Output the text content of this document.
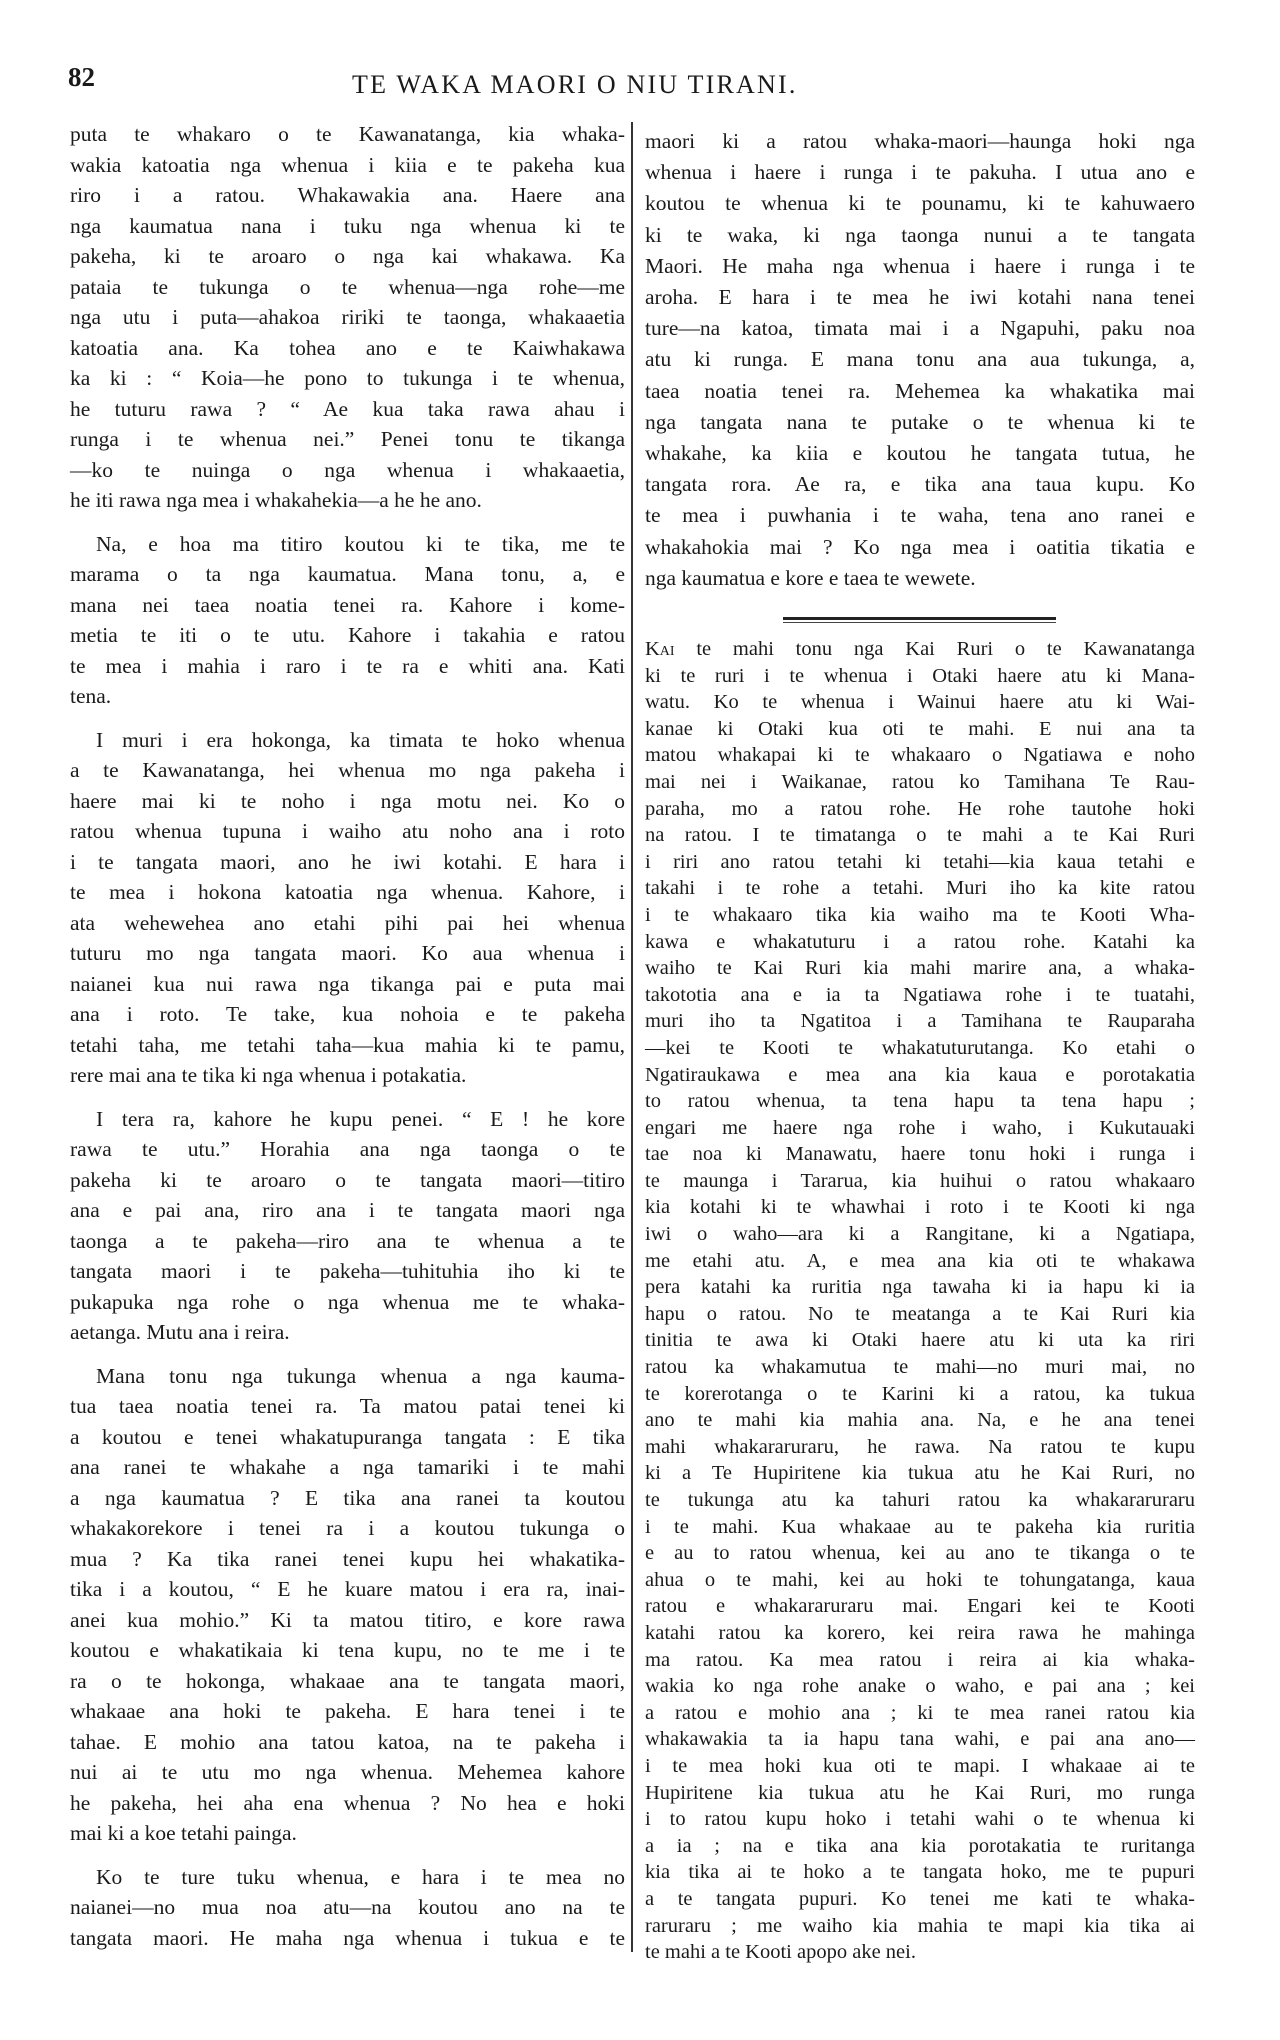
82	TE WAKA MAORI O NIU TIRANI.
puta te whakaro o te Kawanatanga, kia whaka-
wakia katoatia nga whenua i kiia e te pakeha kua
riro i a ratou. Whakawakia ana. Haere ana
nga kaumatua nana i tuku nga whenua ki te
pakeha, ki te aroaro o nga kai whakawa. Ka
pataia te tukunga o te whenua—nga rohe—me
nga utu i puta—ahakoa ririki te taonga, whakaaetia
katoatia ana. Ka tohea ano e te Kaiwhakawa
ka ki : “ Koia—he pono to tukunga i te whenua,
he tuturu rawa ? “ Ae kua taka rawa ahau i
runga i te whenua nei.” Penei tonu te tikanga
—ko te nuinga o nga whenua i whakaaetia,
he iti rawa nga mea i whakahekia—a he he ano.
Na, e hoa ma titiro koutou ki te tika, me te
marama o ta nga kaumatua. Mana tonu, a, e
mana nei taea noatia tenei ra. Kahore i kome-
metia te iti o te utu. Kahore i takahia e ratou
te mea i mahia i raro i te ra e whiti ana. Kati
tena.
I muri i era hokonga, ka timata te hoko whenua
a te Kawanatanga, hei whenua mo nga pakeha i
haere mai ki te noho i nga motu nei. Ko o
ratou whenua tupuna i waiho atu noho ana i roto
i te tangata maori, ano he iwi kotahi. E hara i
te mea i hokona katoatia nga whenua. Kahore, i
ata wehewehea ano etahi pihi pai hei whenua
tuturu mo nga tangata maori. Ko aua whenua i
naianei kua nui rawa nga tikanga pai e puta mai
ana i roto. Te take, kua nohoia e te pakeha
tetahi taha, me tetahi taha—kua mahia ki te pamu,
rere mai ana te tika ki nga whenua i potakatia.
I tera ra, kahore he kupu penei. “ E ! he kore
rawa te utu.” Horahia ana nga taonga o te
pakeha ki te aroaro o te tangata maori—titiro
ana e pai ana, riro ana i te tangata maori nga
taonga a te pakeha—riro ana te whenua a te
tangata maori i te pakeha—tuhituhia iho ki te
pukapuka nga rohe o nga whenua me te whaka-
aetanga. Mutu ana i reira.
Mana tonu nga tukunga whenua a nga kauma-
tua taea noatia tenei ra. Ta matou patai tenei ki
a koutou e tenei whakatupuranga tangata : E tika
ana ranei te whakahe a nga tamariki i te mahi
a nga kaumatua ? E tika ana ranei ta koutou
whakakorekore i tenei ra i a koutou tukunga o
mua ? Ka tika ranei tenei kupu hei whakatika-
tika i a koutou, “ E he kuare matou i era ra, inai-
anei kua mohio.” Ki ta matou titiro, e kore rawa
koutou e whakatikaia ki tena kupu, no te me i te
ra o te hokonga, whakaae ana te tangata maori,
whakaae ana hoki te pakeha. E hara tenei i te
tahae. E mohio ana tatou katoa, na te pakeha i
nui ai te utu mo nga whenua. Mehemea kahore
he pakeha, hei aha ena whenua ? No hea e hoki
mai ki a koe tetahi painga.
Ko te ture tuku whenua, e hara i te mea no
naianei—no mua noa atu—na koutou ano na te
tangata maori. He maha nga whenua i tukua e te
maori ki a ratou whaka-maori—haunga hoki nga
whenua i haere i runga i te pakuha. I utua ano e
koutou te whenua ki te pounamu, ki te kahuwaero
ki te waka, ki nga taonga nunui a te tangata
Maori. He maha nga whenua i haere i runga i te
aroha. E hara i te mea he iwi kotahi nana tenei
ture—na katoa, timata mai i a Ngapuhi, paku noa
atu ki runga. E mana tonu ana aua tukunga, a,
taea noatia tenei ra. Mehemea ka whakatika mai
nga tangata nana te putake o te whenua ki te
whakahe, ka kiia e koutou he tangata tutua, he
tangata rora. Ae ra, e tika ana taua kupu. Ko
te mea i puwhania i te waha, tena ano ranei e
whakahokia mai ? Ko nga mea i oatitia tikatia e
nga kaumatua e kore e taea te wewete.
Kai te mahi tonu nga Kai Ruri o te Kawanatanga
ki te ruri i te whenua i Otaki haere atu ki Mana-
watu. Ko te whenua i Wainui haere atu ki Wai-
kanae ki Otaki kua oti te mahi. E nui ana ta
matou whakapai ki te whakaaro o Ngatiawa e noho
mai nei i Waikanae, ratou ko Tamihana Te Rau-
paraha, mo a ratou rohe. He rohe tautohe hoki
na ratou. I te timatanga o te mahi a te Kai Ruri
i riri ano ratou tetahi ki tetahi—kia kaua tetahi e
takahi i te rohe a tetahi. Muri iho ka kite ratou
i te whakaaro tika kia waiho ma te Kooti Wha-
kawa e whakatuturu i a ratou rohe. Katahi ka
waiho te Kai Ruri kia mahi marire ana, a whaka-
takototia ana e ia ta Ngatiawa rohe i te tuatahi,
muri iho ta Ngatitoa i a Tamihana te Rauparaha
—kei te Kooti te whakatuturutanga. Ko etahi o
Ngatiraukawa e mea ana kia kaua e porotakatia
to ratou whenua, ta tena hapu ta tena hapu ;
engari me haere nga rohe i waho, i Kukutauaki
tae noa ki Manawatu, haere tonu hoki i runga i
te maunga i Tararua, kia huihui o ratou whakaaro
kia kotahi ki te whawhai i roto i te Kooti ki nga
iwi o waho—ara ki a Rangitane, ki a Ngatiapa,
me etahi atu. A, e mea ana kia oti te whakawa
pera katahi ka ruritia nga tawaha ki ia hapu ki ia
hapu o ratou. No te meatanga a te Kai Ruri kia
tinitia te awa ki Otaki haere atu ki uta ka riri
ratou ka whakamutua te mahi—no muri mai, no
te korerotanga o te Karini ki a ratou, ka tukua
ano te mahi kia mahia ana. Na, e he ana tenei
mahi whakararuraru, he rawa. Na ratou te kupu
ki a Te Hupiritene kia tukua atu he Kai Ruri, no
te tukunga atu ka tahuri ratou ka whakararuraru
i te mahi. Kua whakaae au te pakeha kia ruritia
e au to ratou whenua, kei au ano te tikanga o te
ahua o te mahi, kei au hoki te tohungatanga, kaua
ratou e whakararuraru mai. Engari kei te Kooti
katahi ratou ka korero, kei reira rawa he mahinga
ma ratou. Ka mea ratou i reira ai kia whaka-
wakia ko nga rohe anake o waho, e pai ana ; kei
a ratou e mohio ana ; ki te mea ranei ratou kia
whakawakia ta ia hapu tana wahi, e pai ana ano—
i te mea hoki kua oti te mapi. I whakaae ai te
Hupiritene kia tukua atu he Kai Ruri, mo runga
i to ratou kupu hoko i tetahi wahi o te whenua ki
a ia ; na e tika ana kia porotakatia te ruritanga
kia tika ai te hoko a te tangata hoko, me te pupuri
a te tangata pupuri. Ko tenei me kati te whaka-
raruraru ; me waiho kia mahia te mapi kia tika ai
te mahi a te Kooti apopo ake nei.
